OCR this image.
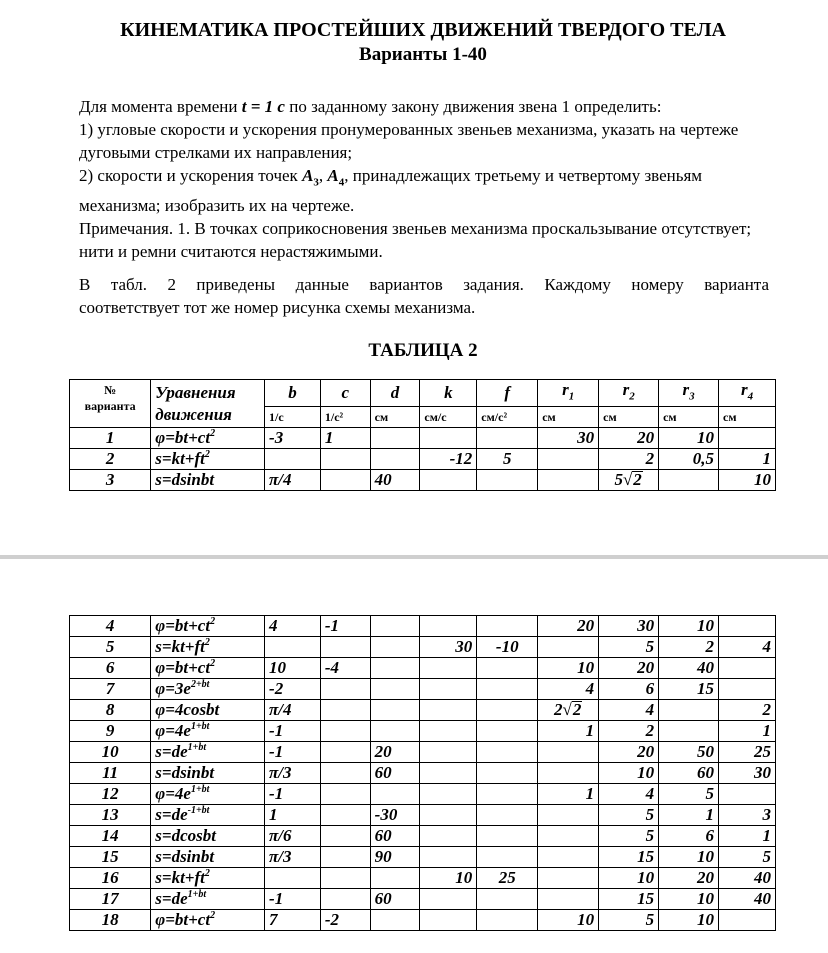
КИНЕМАТИКА ПРОСТЕЙШИХ ДВИЖЕНИЙ ТВЕРДОГО ТЕЛА
Варианты 1-40
Для момента времени t = 1 с по заданному закону движения звена 1 определить:
1) угловые скорости и ускорения пронумерованных звеньев механизма, указать на чертеже дуговыми стрелками их направления;
2) скорости и ускорения точек $A_3$, $A_4$, принадлежащих третьему и четвертому звеньям механизма; изобразить их на чертеже.
Примечания. 1. В точках соприкосновения звеньев механизма проскальзывание отсутствует; нити и ремни считаются нерастяжимыми.
В табл. 2 приведены данные вариантов задания. Каждому номеру варианта

соответствует тот же номер рисунка схемы механизма.
ТАБЛИЦА 2
№
варианта	Уравнения
движения	b	c	d	k	f	$r_1$	$r_2$	$r_3$	$r_4$
		1/с	1/с²	см	см/с	см/с²	см	см	см	см
1	$\varphi=bt+ct^2$	-3	1				30	20	10	
2	$s=kt+ft^2$				-12	5		2	0,5	1
3	s=dsinbt	π/4		40				5√2		10
4	$\varphi=bt+ct^2$	4	-1				20	30	10	
5	$s=kt+ft^2$				30	-10		5	2	4
6	$\varphi=bt+ct^2$	10	-4				10	20	40	
7	$\varphi=3e^{2+bt}$	-2					4	6	15	
8	φ=4cosbt	π/4					2√2	4		2
9	$\varphi=4e^{1+bt}$	-1					1	2		1
10	$s=de^{1+bt}$	-1		20				20	50	25
11	s=dsinbt	π/3		60				10	60	30
12	$\varphi=4e^{1+bt}$	-1					1	4	5	
13	$s=de^{-1+bt}$	1		-30				5	1	3
14	s=dcosbt	π/6		60				5	6	1
15	s=dsinbt	π/3		90				15	10	5
16	$s=kt+ft^2$				10	25		10	20	40
17	$s=de^{1+bt}$	-1		60				15	10	40
18	$\varphi=bt+ct^2$	7	-2				10	5	10	
